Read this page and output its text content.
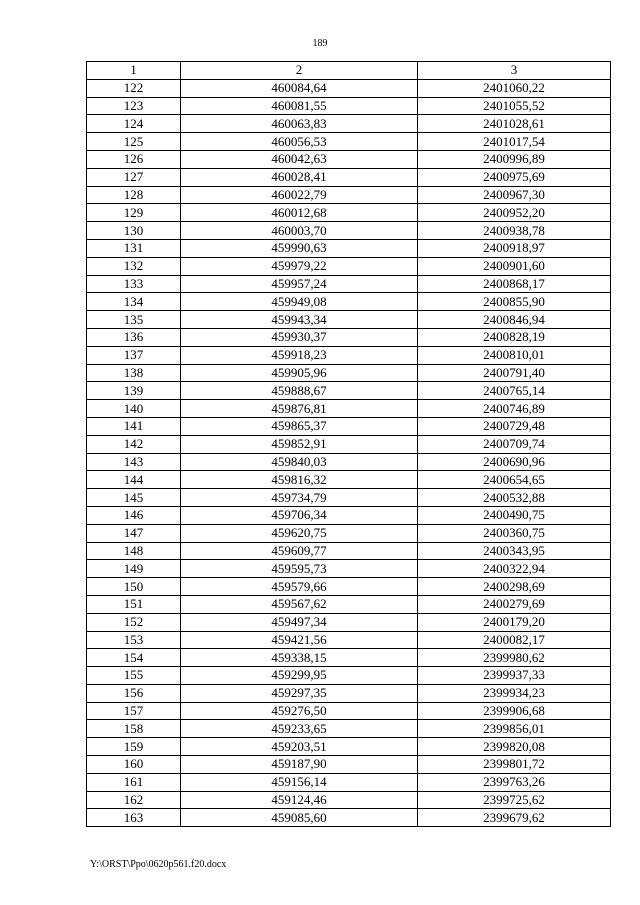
189
1	2	3
122	460084,64	2401060,22
123	460081,55	2401055,52
124	460063,83	2401028,61
125	460056,53	2401017,54
126	460042,63	2400996,89
127	460028,41	2400975,69
128	460022,79	2400967,30
129	460012,68	2400952,20
130	460003,70	2400938,78
131	459990,63	2400918,97
132	459979,22	2400901,60
133	459957,24	2400868,17
134	459949,08	2400855,90
135	459943,34	2400846,94
136	459930,37	2400828,19
137	459918,23	2400810,01
138	459905,96	2400791,40
139	459888,67	2400765,14
140	459876,81	2400746,89
141	459865,37	2400729,48
142	459852,91	2400709,74
143	459840,03	2400690,96
144	459816,32	2400654,65
145	459734,79	2400532,88
146	459706,34	2400490,75
147	459620,75	2400360,75
148	459609,77	2400343,95
149	459595,73	2400322,94
150	459579,66	2400298,69
151	459567,62	2400279,69
152	459497,34	2400179,20
153	459421,56	2400082,17
154	459338,15	2399980,62
155	459299,95	2399937,33
156	459297,35	2399934,23
157	459276,50	2399906,68
158	459233,65	2399856,01
159	459203,51	2399820,08
160	459187,90	2399801,72
161	459156,14	2399763,26
162	459124,46	2399725,62
163	459085,60	2399679,62
Y:\ORST\Ppo\0620p561.f20.docx
